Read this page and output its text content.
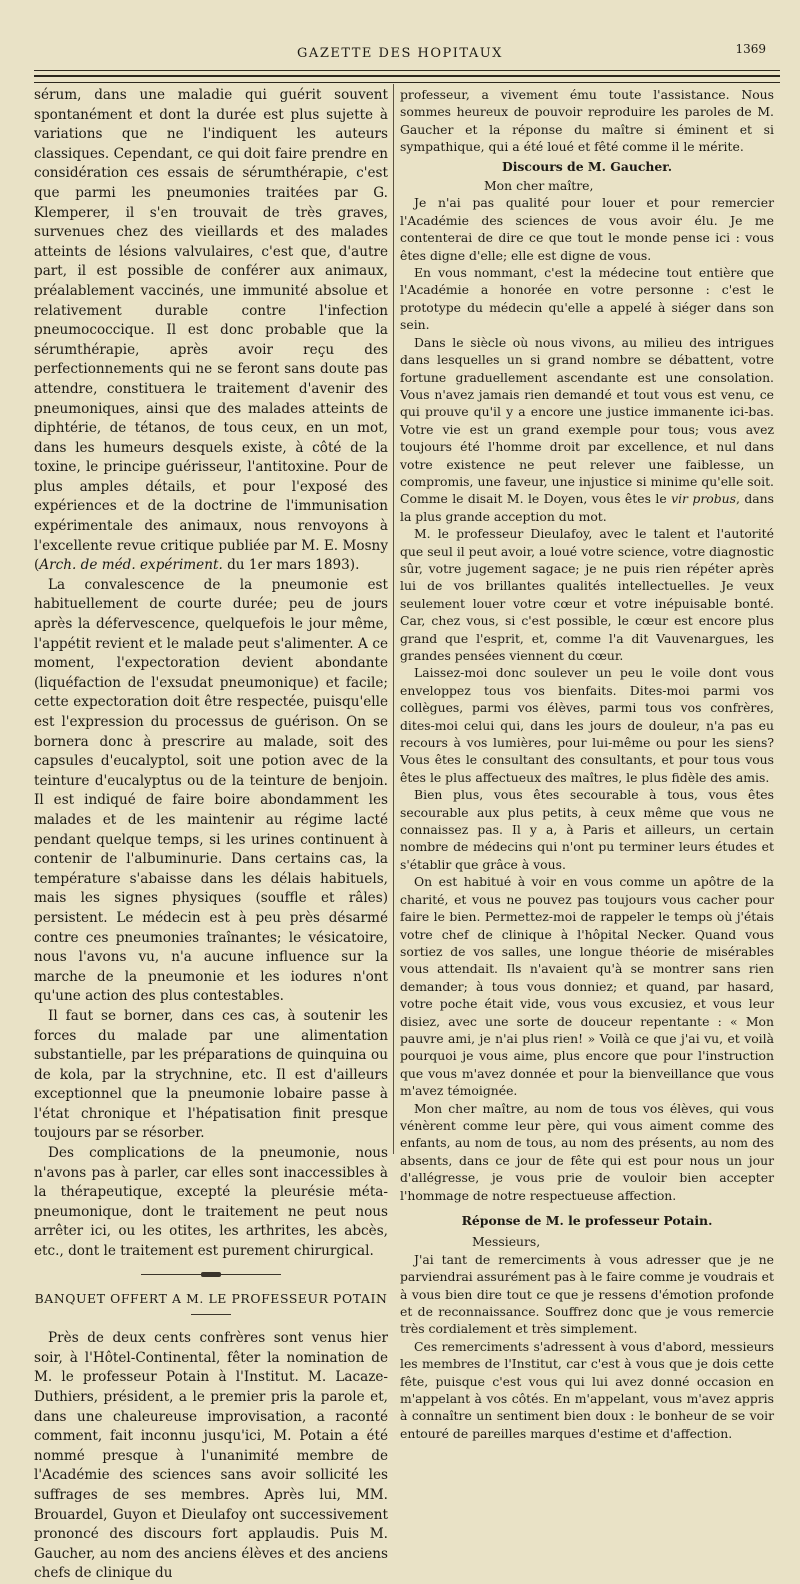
GAZETTE DES HOPITAUX	1369

sérum, dans une maladie qui guérit souvent spontanément et dont la durée est plus sujette à variations que ne l'indiquent les auteurs classiques. Cependant, ce qui doit faire prendre en considération ces essais de sérumthérapie, c'est que parmi les pneumonies traitées par G. Klemperer, il s'en trouvait de très graves, survenues chez des vieillards et des malades atteints de lésions valvulaires, c'est que, d'autre part, il est possible de conférer aux animaux, préalablement vaccinés, une immunité absolue et relativement durable contre l'infection pneumococcique. Il est donc probable que la sérumthérapie, après avoir reçu des perfectionnements qui ne se feront sans doute pas attendre, constituera le traitement d'avenir des pneumoniques, ainsi que des malades atteints de diphtérie, de tétanos, de tous ceux, en un mot, dans les humeurs desquels existe, à côté de la toxine, le principe guérisseur, l'antitoxine. Pour de plus amples détails, et pour l'exposé des expériences et de la doctrine de l'immunisation expérimentale des animaux, nous renvoyons à l'excellente revue critique publiée par M. E. Mosny (Arch. de méd. expériment. du 1er mars 1893).

La convalescence de la pneumonie est habituellement de courte durée; peu de jours après la défervescence, quelquefois le jour même, l'appétit revient et le malade peut s'alimenter. A ce moment, l'expectoration devient abondante (liquéfaction de l'exsudat pneumonique) et facile; cette expectoration doit être respectée, puisqu'elle est l'expression du processus de guérison. On se bornera donc à prescrire au malade, soit des capsules d'eucalyptol, soit une potion avec de la teinture d'eucalyptus ou de la teinture de benjoin. Il est indiqué de faire boire abondamment les malades et de les maintenir au régime lacté pendant quelque temps, si les urines continuent à contenir de l'albuminurie. Dans certains cas, la température s'abaisse dans les délais habituels, mais les signes physiques (souffle et râles) persistent. Le médecin est à peu près désarmé contre ces pneumonies traînantes; le vésicatoire, nous l'avons vu, n'a aucune influence sur la marche de la pneumonie et les iodures n'ont qu'une action des plus contestables.

Il faut se borner, dans ces cas, à soutenir les forces du malade par une alimentation substantielle, par les préparations de quinquina ou de kola, par la strychnine, etc. Il est d'ailleurs exceptionnel que la pneumonie lobaire passe à l'état chronique et l'hépatisation finit presque toujours par se résorber.

Des complications de la pneumonie, nous n'avons pas à parler, car elles sont inaccessibles à la thérapeutique, excepté la pleurésie méta-pneumonique, dont le traitement ne peut nous arrêter ici, ou les otites, les arthrites, les abcès, etc., dont le traitement est purement chirurgical.

BANQUET OFFERT A M. LE PROFESSEUR POTAIN

Près de deux cents confrères sont venus hier soir, à l'Hôtel-Continental, fêter la nomination de M. le professeur Potain à l'Institut. M. Lacaze-Duthiers, président, a le premier pris la parole et, dans une chaleureuse improvisation, a raconté comment, fait inconnu jusqu'ici, M. Potain a été nommé presque à l'unanimité membre de l'Académie des sciences sans avoir sollicité les suffrages de ses membres. Après lui, MM. Brouardel, Guyon et Dieulafoy ont successivement prononcé des discours fort applaudis. Puis M. Gaucher, au nom des anciens élèves et des anciens chefs de clinique du

professeur, a vivement ému toute l'assistance. Nous sommes heureux de pouvoir reproduire les paroles de M. Gaucher et la réponse du maître si éminent et si sympathique, qui a été loué et fêté comme il le mérite.

Discours de M. Gaucher.

Mon cher maître,

Je n'ai pas qualité pour louer et pour remercier l'Académie des sciences de vous avoir élu. Je me contenterai de dire ce que tout le monde pense ici : vous êtes digne d'elle; elle est digne de vous.

En vous nommant, c'est la médecine tout entière que l'Académie a honorée en votre personne : c'est le prototype du médecin qu'elle a appelé à siéger dans son sein.

Dans le siècle où nous vivons, au milieu des intrigues dans lesquelles un si grand nombre se débattent, votre fortune graduellement ascendante est une consolation. Vous n'avez jamais rien demandé et tout vous est venu, ce qui prouve qu'il y a encore une justice immanente ici-bas. Votre vie est un grand exemple pour tous; vous avez toujours été l'homme droit par excellence, et nul dans votre existence ne peut relever une faiblesse, un compromis, une faveur, une injustice si minime qu'elle soit. Comme le disait M. le Doyen, vous êtes le vir probus, dans la plus grande acception du mot.

M. le professeur Dieulafoy, avec le talent et l'autorité que seul il peut avoir, a loué votre science, votre diagnostic sûr, votre jugement sagace; je ne puis rien répéter après lui de vos brillantes qualités intellectuelles. Je veux seulement louer votre cœur et votre inépuisable bonté. Car, chez vous, si c'est possible, le cœur est encore plus grand que l'esprit, et, comme l'a dit Vauvenargues, les grandes pensées viennent du cœur.

Laissez-moi donc soulever un peu le voile dont vous enveloppez tous vos bienfaits. Dites-moi parmi vos collègues, parmi vos élèves, parmi tous vos confrères, dites-moi celui qui, dans les jours de douleur, n'a pas eu recours à vos lumières, pour lui-même ou pour les siens? Vous êtes le consultant des consultants, et pour tous vous êtes le plus affectueux des maîtres, le plus fidèle des amis.

Bien plus, vous êtes secourable à tous, vous êtes secourable aux plus petits, à ceux même que vous ne connaissez pas. Il y a, à Paris et ailleurs, un certain nombre de médecins qui n'ont pu terminer leurs études et s'établir que grâce à vous.

On est habitué à voir en vous comme un apôtre de la charité, et vous ne pouvez pas toujours vous cacher pour faire le bien. Permettez-moi de rappeler le temps où j'étais votre chef de clinique à l'hôpital Necker. Quand vous sortiez de vos salles, une longue théorie de misérables vous attendait. Ils n'avaient qu'à se montrer sans rien demander; à tous vous donniez; et quand, par hasard, votre poche était vide, vous vous excusiez, et vous leur disiez, avec une sorte de douceur repentante : « Mon pauvre ami, je n'ai plus rien! » Voilà ce que j'ai vu, et voilà pourquoi je vous aime, plus encore que pour l'instruction que vous m'avez donnée et pour la bienveillance que vous m'avez témoignée.

Mon cher maître, au nom de tous vos élèves, qui vous vénèrent comme leur père, qui vous aiment comme des enfants, au nom de tous, au nom des présents, au nom des absents, dans ce jour de fête qui est pour nous un jour d'allégresse, je vous prie de vouloir bien accepter l'hommage de notre respectueuse affection.

Réponse de M. le professeur Potain.

Messieurs,

J'ai tant de remerciments à vous adresser que je ne parviendrai assurément pas à le faire comme je voudrais et à vous bien dire tout ce que je ressens d'émotion profonde et de reconnaissance. Souffrez donc que je vous remercie très cordialement et très simplement.

Ces remerciments s'adressent à vous d'abord, messieurs les membres de l'Institut, car c'est à vous que je dois cette fête, puisque c'est vous qui lui avez donné occasion en m'appelant à vos côtés. En m'appelant, vous m'avez appris à connaître un sentiment bien doux : le bonheur de se voir entouré de pareilles marques d'estime et d'affection.
